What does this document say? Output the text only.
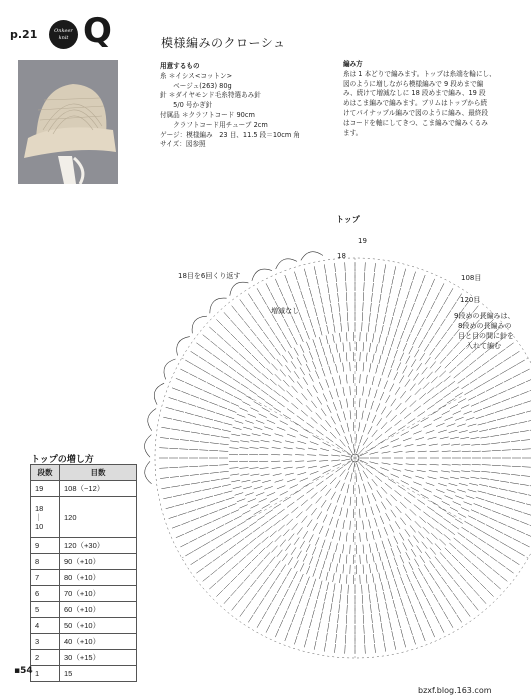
p.21	Onkeer
knit Q	模様編みのクローシュ
用意するもの
糸 ＊イシス<コットン>
　　ベージュ(263) 80g
針 ＊ダイヤモンド毛糸特選あみ針
　　5/0 号かぎ針
付属品 ＊クラフトコード 90cm
　　クラフトコード用チューブ 2cm
ゲージ：模様編み　23 目、11.5 段＝10cm 角
サイズ：図参照
編み方
糸は 1 本どりで編みます。トップは糸端を輪にし、
図のように増しながら模様編みで 9 段めまで編
み、続けて増減なしに 18 段めまで編み、19 段
めはこま編みで編みます。ブリムはトップから続
けてパイナップル編みで図のように編み、最終段
はコードを軸にしてきつ、こま編みで編みくるみ
ます。
トップ
19
18
18目を6回くり返す
増減なし
108目
120目
9段めの長編みは、
8段めの長編みの
目と目の間に針を
入れて編む
トップの増し方
段数	目数
19	108（−12）
18
｜
10	120
9	120（+30）
8	90（+10）
7	80（+10）
6	70（+10）
5	60（+10）
4	50（+10）
3	40（+10）
2	30（+15）
1	15
▪54
bzxf.blog.163.com
